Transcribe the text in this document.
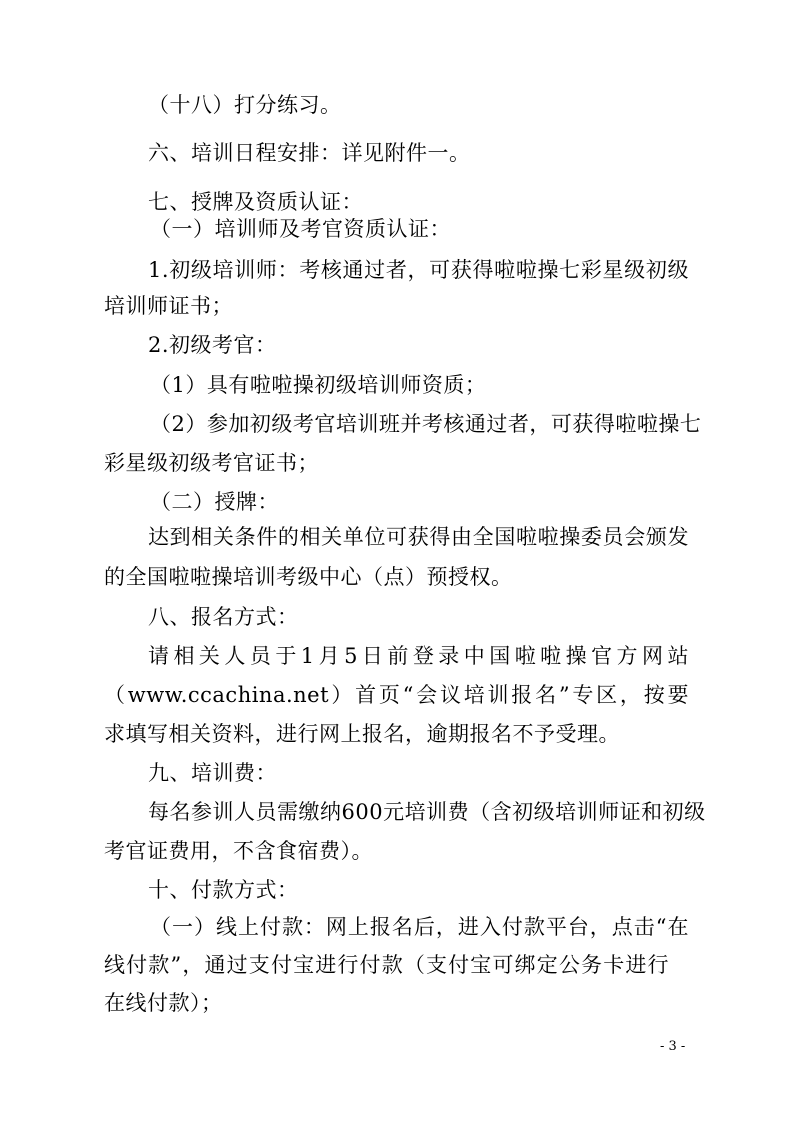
（十八）打分练习。
六、培训日程安排：详见附件一。
七、授牌及资质认证：
（一）培训师及考官资质认证：
1.初级培训师：考核通过者，可获得啦啦操七彩星级初级
培训师证书；
2.初级考官：
（1）具有啦啦操初级培训师资质；
（2）参加初级考官培训班并考核通过者，可获得啦啦操七
彩星级初级考官证书；
（二）授牌：
达到相关条件的相关单位可获得由全国啦啦操委员会颁发
的全国啦啦操培训考级中心（点）预授权。
八、报名方式：
请相关人员于1月5日前登录中国啦啦操官方网站
（www.ccachina.net）首页“会议培训报名”专区，按要
求填写相关资料，进行网上报名，逾期报名不予受理。
九、培训费：
每名参训人员需缴纳600元培训费（含初级培训师证和初级
考官证费用，不含食宿费）。
十、付款方式：
（一）线上付款：网上报名后，进入付款平台，点击“在
线付款”，通过支付宝进行付款（支付宝可绑定公务卡进行
在线付款）；
- 3 -
